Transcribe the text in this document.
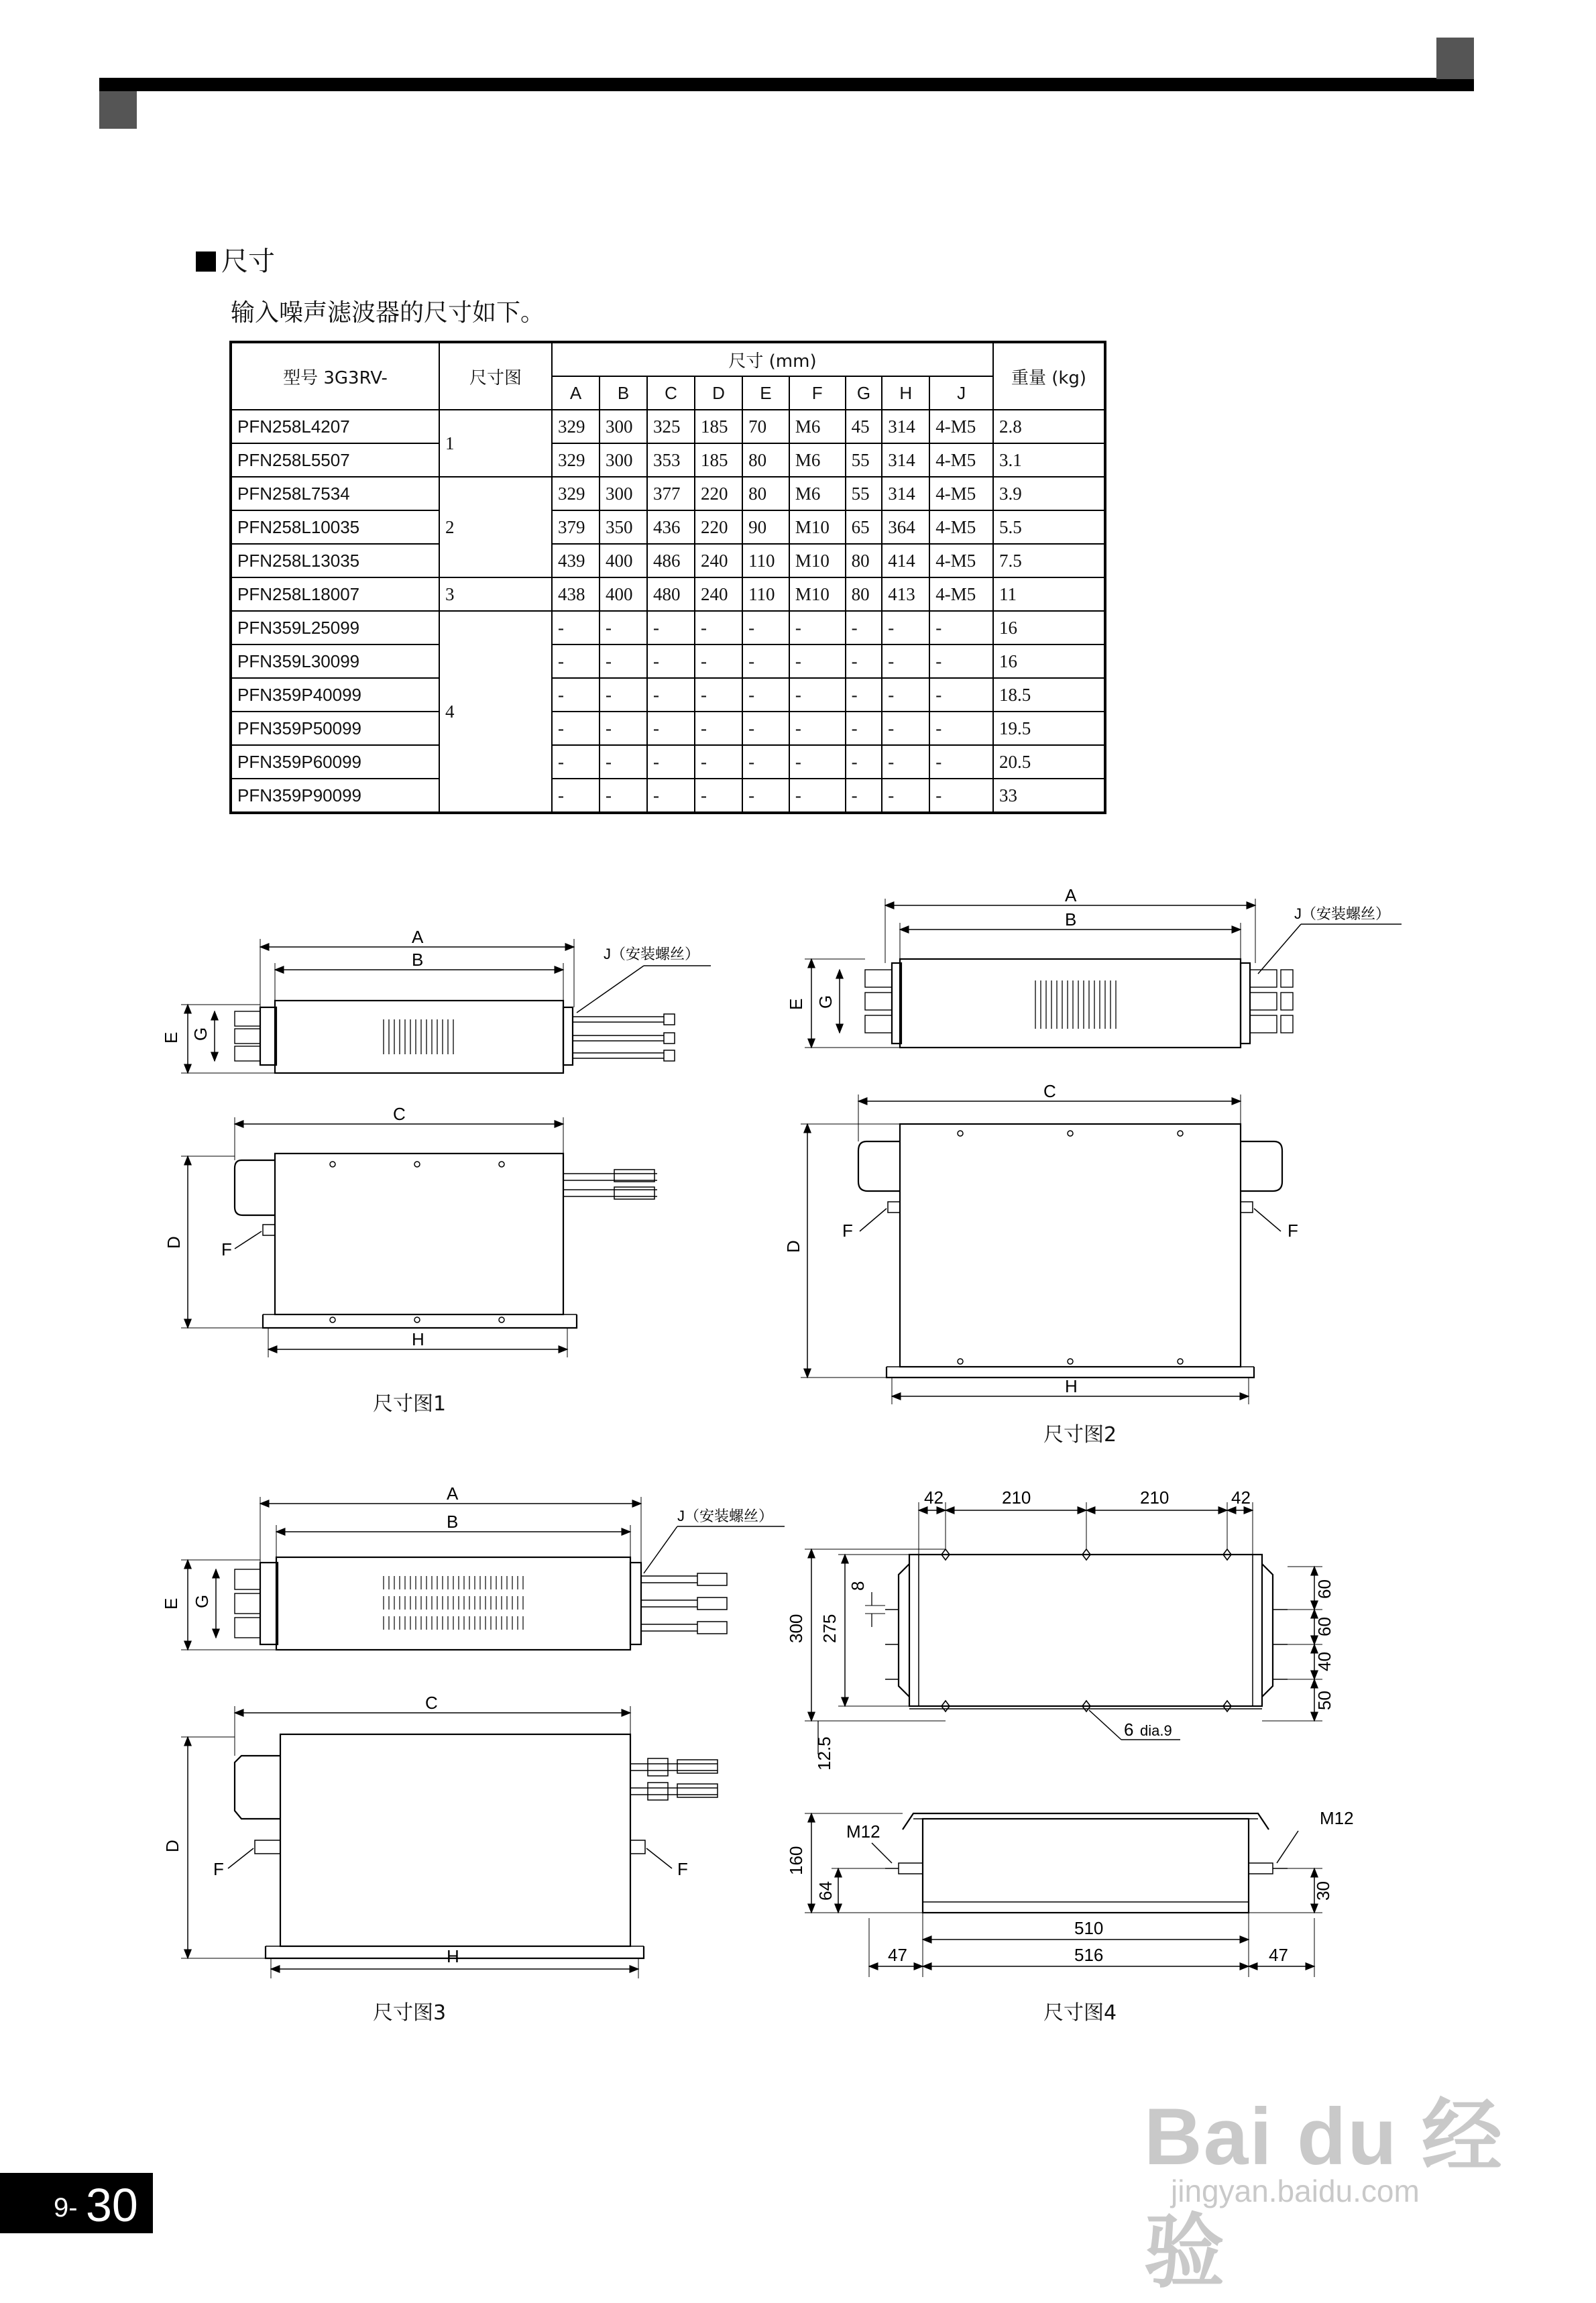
尺寸
输入噪声滤波器的尺寸如下。
型号 3G3RV-	尺寸图	尺寸 (mm)									重量 (kg)
		A	B	C	D	E	F	G	H	J	
PFN258L4207	1	329	300	325	185	70	M6	45	314	4-M5	2.8
PFN258L5507		329	300	353	185	80	M6	55	314	4-M5	3.1
PFN258L7534	2	329	300	377	220	80	M6	55	314	4-M5	3.9
PFN258L10035		379	350	436	220	90	M10	65	364	4-M5	5.5
PFN258L13035		439	400	486	240	110	M10	80	414	4-M5	7.5
PFN258L18007	3	438	400	480	240	110	M10	80	413	4-M5	11
PFN359L25099	4	-	-	-	-	-	-	-	-	-	16
PFN359L30099		-	-	-	-	-	-	-	-	-	16
PFN359P40099		-	-	-	-	-	-	-	-	-	18.5
PFN359P50099		-	-	-	-	-	-	-	-	-	19.5
PFN359P60099		-	-	-	-	-	-	-	-	-	20.5
PFN359P90099		-	-	-	-	-	-	-	-	-	33
A
B
E G
J（安装螺丝）
C
D F
H
A
B
E G
J（安装螺丝）
C
D
F	F
H
A
B
E G
J（安装螺丝）
C
D
F	F
H
42	210	210	42
300 275
8
12.5
60
60
40
50
6 dia.9
M12
M12
160
64	30
510
516
47	47
尺寸图1
尺寸图2
尺寸图3	尺寸图4
9- 30
Bai du 经验
jingyan.baidu.com
